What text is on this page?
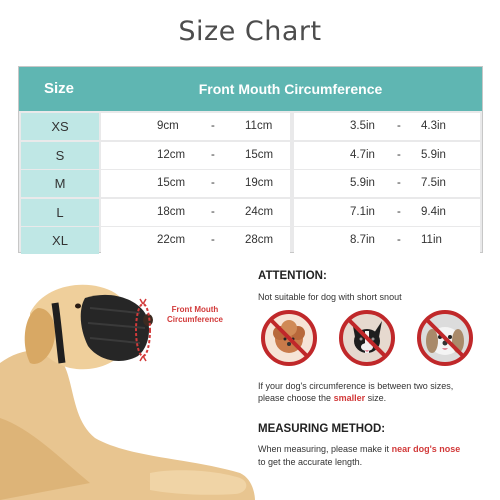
Size Chart
Size	Front Mouth Circumference
XS	9cm	-	11cm	3.5in - 4.3in
S	12cm -	15cm	4.7in - 5.9in
M	15cm -	19cm	5.9in - 7.5in
L	18cm -	24cm	7.1in - 9.4in
XL	22cm -	28cm	8.7in - 11in
Front Mouth
Circumference
ATTENTION:
Not suitable for dog with short snout
If your dog's circumference is between two sizes,
please choose the smaller size.
MEASURING METHOD:
When measuring, please make it near dog's nose
to get the accurate length.
